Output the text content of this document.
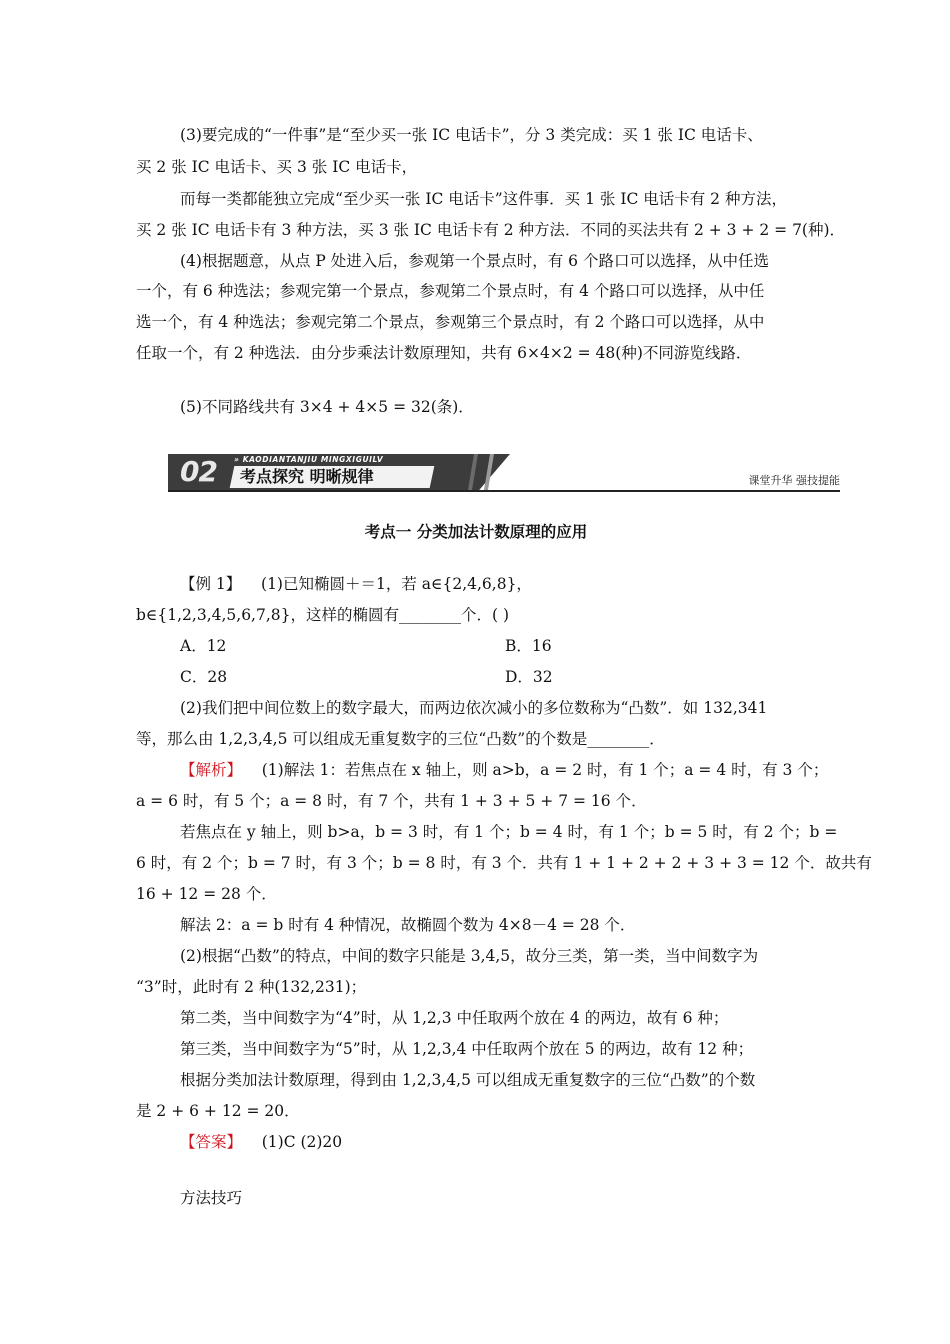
(3)要完成的“一件事”是“至少买一张 IC 电话卡”，分 3 类完成：买 1 张 IC 电话卡、
买 2 张 IC 电话卡、买 3 张 IC 电话卡，
而每一类都能独立完成“至少买一张 IC 电话卡”这件事．买 1 张 IC 电话卡有 2 种方法，
买 2 张 IC 电话卡有 3 种方法，买 3 张 IC 电话卡有 2 种方法．不同的买法共有 2 + 3 + 2 = 7(种)．
(4)根据题意，从点 P 处进入后，参观第一个景点时，有 6 个路口可以选择，从中任选
一个，有 6 种选法；参观完第一个景点，参观第二个景点时，有 4 个路口可以选择，从中任
选一个，有 4 种选法；参观完第二个景点，参观第三个景点时，有 2 个路口可以选择，从中
任取一个，有 2 种选法．由分步乘法计数原理知，共有 6×4×2 = 48(种)不同游览线路．
(5)不同路线共有 3×4 + 4×5 = 32(条)．
02	» KAODIANTANJIU MINGXIGUILV
考点探究 明晰规律	课堂升华 强技提能
考点一 分类加法计数原理的应用
【例 1】 (1)已知椭圆＋＝1，若 a∈{2,4,6,8}，
b∈{1,2,3,4,5,6,7,8}，这样的椭圆有________个．( )
A．12	B．16
C．28	D．32
(2)我们把中间位数上的数字最大，而两边依次减小的多位数称为“凸数”．如 132,341
等，那么由 1,2,3,4,5 可以组成无重复数字的三位“凸数”的个数是________．
【解析】 (1)解法 1：若焦点在 x 轴上，则 a>b，a = 2 时，有 1 个；a = 4 时，有 3 个；
a = 6 时，有 5 个；a = 8 时，有 7 个，共有 1 + 3 + 5 + 7 = 16 个．
若焦点在 y 轴上，则 b>a，b = 3 时，有 1 个；b = 4 时，有 1 个；b = 5 时，有 2 个；b =
6 时，有 2 个；b = 7 时，有 3 个；b = 8 时，有 3 个．共有 1 + 1 + 2 + 2 + 3 + 3 = 12 个．故共有
16 + 12 = 28 个．
解法 2：a = b 时有 4 种情况，故椭圆个数为 4×8－4 = 28 个．
(2)根据“凸数”的特点，中间的数字只能是 3,4,5，故分三类，第一类，当中间数字为
“3”时，此时有 2 种(132,231)；
第二类，当中间数字为“4”时，从 1,2,3 中任取两个放在 4 的两边，故有 6 种；
第三类，当中间数字为“5”时，从 1,2,3,4 中任取两个放在 5 的两边，故有 12 种；
根据分类加法计数原理，得到由 1,2,3,4,5 可以组成无重复数字的三位“凸数”的个数
是 2 + 6 + 12 = 20．
【答案】 (1)C (2)20
方法技巧
